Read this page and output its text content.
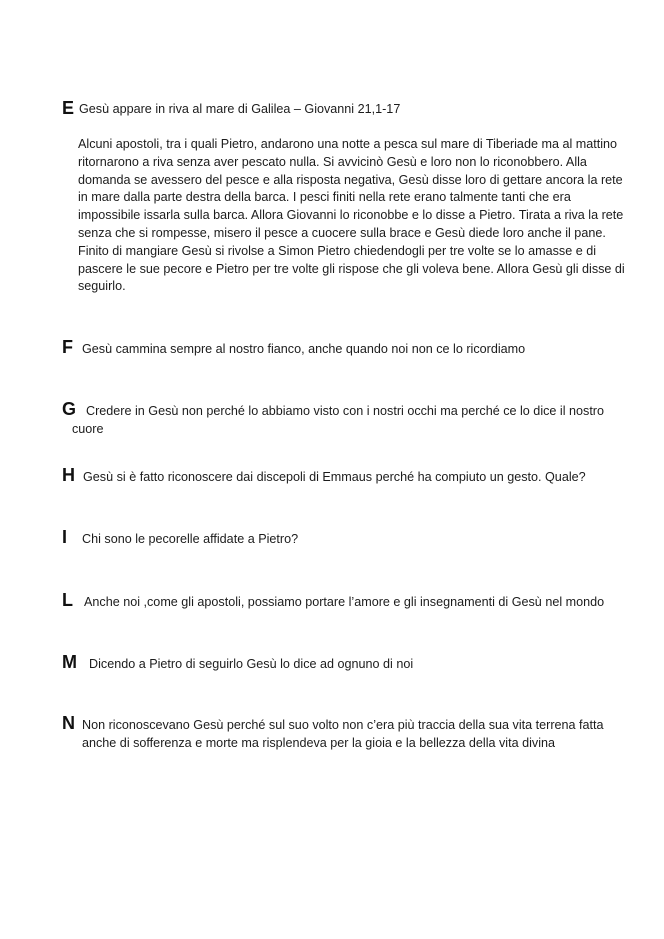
E Gesù appare in riva al mare di Galilea – Giovanni 21,1-17
Alcuni apostoli, tra i quali Pietro, andarono una notte a pesca sul mare di Tiberiade ma al mattino
ritornarono a riva senza aver pescato nulla. Si avvicinò Gesù e loro non lo riconobbero. Alla
domanda se avessero del pesce e alla risposta negativa, Gesù disse loro di gettare ancora la rete
in mare dalla parte destra della barca. I pesci finiti nella rete erano talmente tanti che era
impossibile issarla sulla barca. Allora Giovanni lo riconobbe e lo disse a Pietro. Tirata a riva la rete
senza che si rompesse, misero il pesce a cuocere sulla brace e Gesù diede loro anche il pane.
Finito di mangiare Gesù si rivolse a Simon Pietro chiedendogli per tre volte se lo amasse e di
pascere le sue pecore e Pietro per tre volte gli rispose che gli voleva bene. Allora Gesù gli disse di
seguirlo.
F Gesù cammina sempre al nostro fianco, anche quando noi non ce lo ricordiamo
G Credere in Gesù non perché lo abbiamo visto con i nostri occhi ma perché ce lo dice il nostro
cuore
H Gesù si è fatto riconoscere dai discepoli di Emmaus perché ha compiuto un gesto. Quale?
I Chi sono le pecorelle affidate a Pietro?
L Anche noi ,come gli apostoli, possiamo portare l’amore e gli insegnamenti di Gesù nel mondo
M Dicendo a Pietro di seguirlo Gesù lo dice ad ognuno di noi
N Non riconoscevano Gesù perché sul suo volto non c’era più traccia della sua vita terrena fatta
anche di sofferenza e morte ma risplendeva per la gioia e la bellezza della vita divina
